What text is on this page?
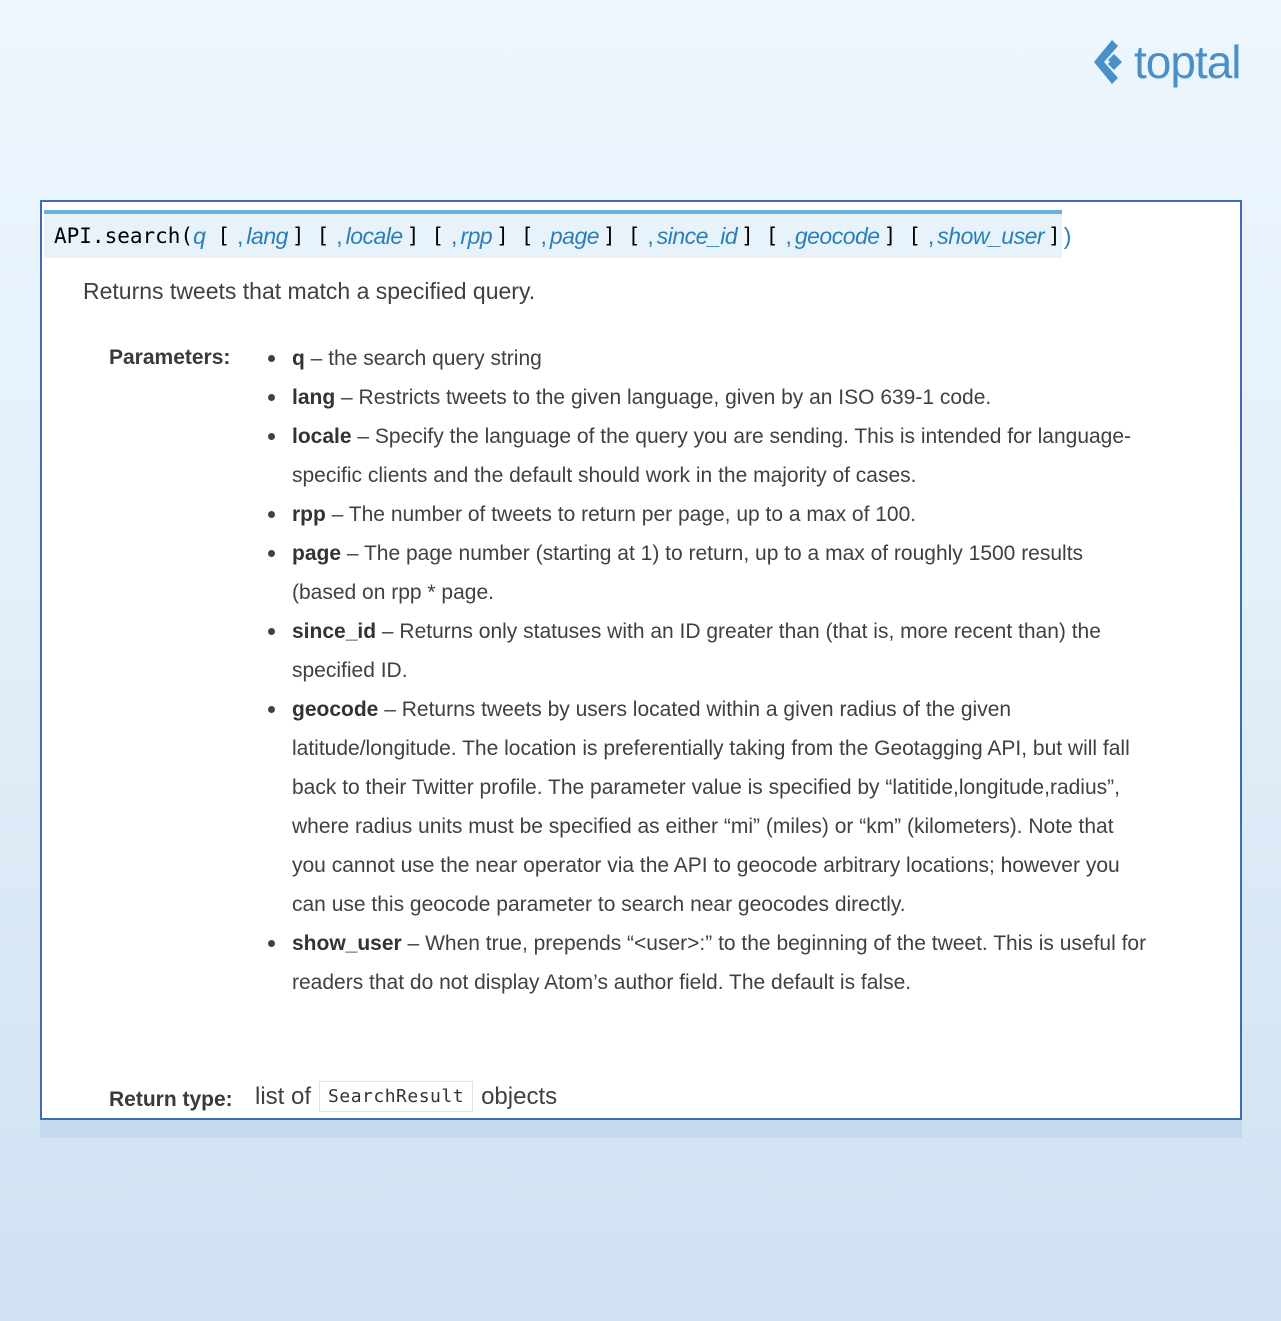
toptal
API.search( q [ , lang ] [ , locale ] [ , rpp ] [ , page ] [ , since_id ] [ , geocode ] [ , show_user ] )
Returns tweets that match a specified query.
Parameters:	q – the search query string
lang – Restricts tweets to the given language, given by an ISO 639-1 code.
locale – Specify the language of the query you are sending. This is intended for language-specific clients and the default should work in the majority of cases.
rpp – The number of tweets to return per page, up to a max of 100.
page – The page number (starting at 1) to return, up to a max of roughly 1500 results (based on rpp * page.
since_id – Returns only statuses with an ID greater than (that is, more recent than) the specified ID.
geocode – Returns tweets by users located within a given radius of the given latitude/longitude. The location is preferentially taking from the Geotagging API, but will fall back to their Twitter profile. The parameter value is specified by “latitide,longitude,radius”, where radius units must be specified as either “mi” (miles) or “km” (kilometers). Note that you cannot use the near operator via the API to geocode arbitrary locations; however you can use this geocode parameter to search near geocodes directly.
show_user – When true, prepends “<user>:” to the beginning of the tweet. This is useful for readers that do not display Atom’s author field. The default is false.
Return type: list of SearchResult objects
